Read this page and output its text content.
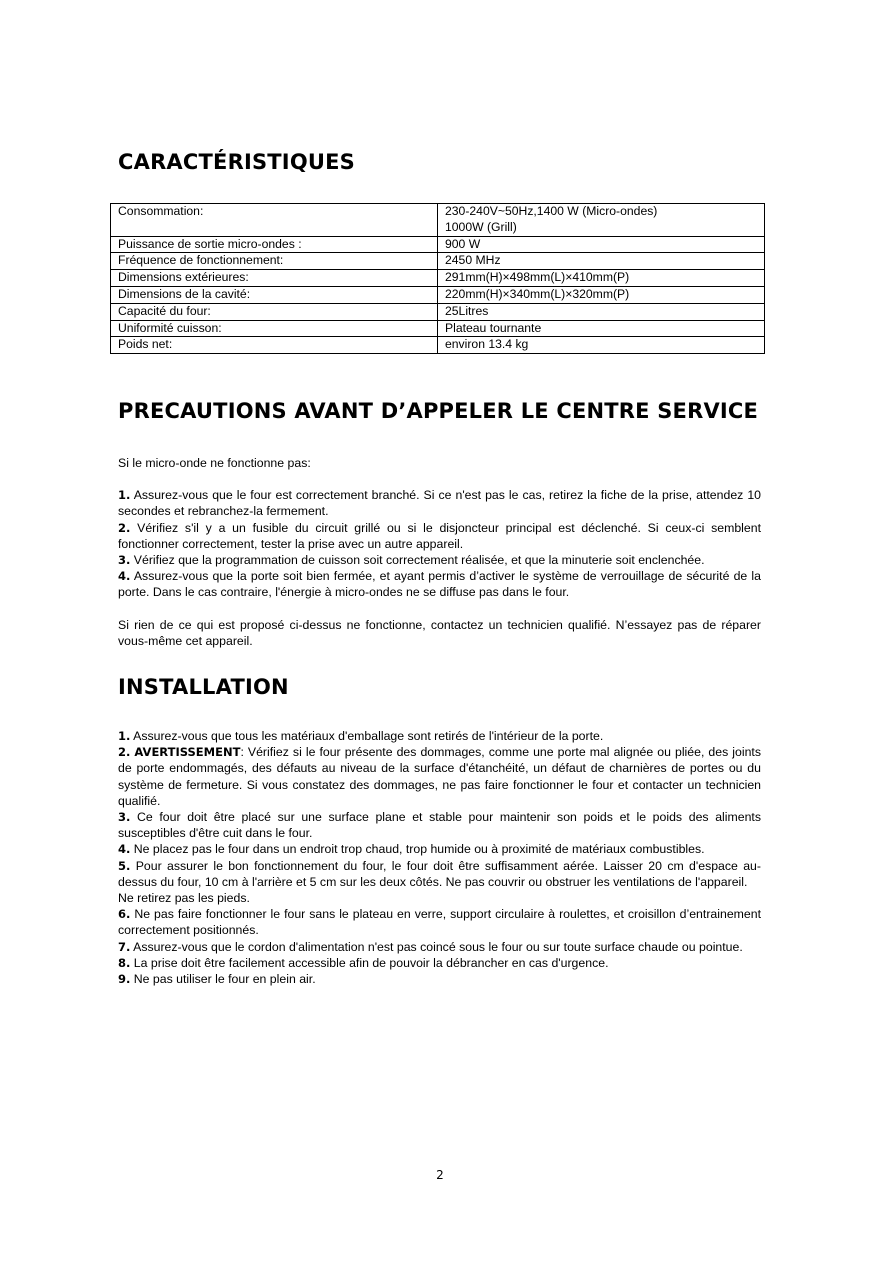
CARACTÉRISTIQUES
Consommation:	230-240V~50Hz,1400 W (Micro-ondes)
1000W (Grill)

Puissance de sortie micro-ondes :	900 W
Fréquence de fonctionnement:	2450 MHz
Dimensions extérieures:	291mm(H)×498mm(L)×410mm(P)
Dimensions de la cavité:	220mm(H)×340mm(L)×320mm(P)
Capacité du four:	25Litres
Uniformité cuisson:	Plateau tournante
Poids net:	environ 13.4 kg
PRECAUTIONS AVANT D’APPELER LE CENTRE SERVICE

Si le micro-onde ne fonctionne pas:

1. Assurez-vous que le four est correctement branché. Si ce n'est pas le cas, retirez la fiche de la prise, attendez 10 secondes et rebranchez-la fermement.

2. Vérifiez s'il y a un fusible du circuit grillé ou si le disjoncteur principal est déclenché. Si ceux-ci semblent fonctionner correctement, tester la prise avec un autre appareil.

3. Vérifiez que la programmation de cuisson soit correctement réalisée, et que la minuterie soit enclenchée.

4. Assurez-vous que la porte soit bien fermée, et ayant permis d’activer le système de verrouillage de sécurité de la porte. Dans le cas contraire, l'énergie à micro-ondes ne se diffuse pas dans le four.

Si rien de ce qui est proposé ci-dessus ne fonctionne, contactez un technicien qualifié. N’essayez pas de réparer vous-même cet appareil.

INSTALLATION

1. Assurez-vous que tous les matériaux d'emballage sont retirés de l'intérieur de la porte.

2. AVERTISSEMENT: Vérifiez si le four présente des dommages, comme une porte mal alignée ou pliée, des joints de porte endommagés, des défauts au niveau de la surface d'étanchéité, un défaut de charnières de portes ou du système de fermeture. Si vous constatez des dommages, ne pas faire fonctionner le four et contacter un technicien qualifié.

3. Ce four doit être placé sur une surface plane et stable pour maintenir son poids et le poids des aliments susceptibles d'être cuit dans le four.

4. Ne placez pas le four dans un endroit trop chaud, trop humide ou à proximité de matériaux combustibles.

5. Pour assurer le bon fonctionnement du four, le four doit être suffisamment aérée. Laisser 20 cm d'espace au-dessus du four, 10 cm à l'arrière et 5 cm sur les deux côtés. Ne pas couvrir ou obstruer les ventilations de l'appareil.

Ne retirez pas les pieds.

6. Ne pas faire fonctionner le four sans le plateau en verre, support circulaire à roulettes, et croisillon d’entrainement correctement positionnés.

7. Assurez-vous que le cordon d'alimentation n'est pas coincé sous le four ou sur toute surface chaude ou pointue.

8. La prise doit être facilement accessible afin de pouvoir la débrancher en cas d'urgence.

9. Ne pas utiliser le four en plein air.

2
